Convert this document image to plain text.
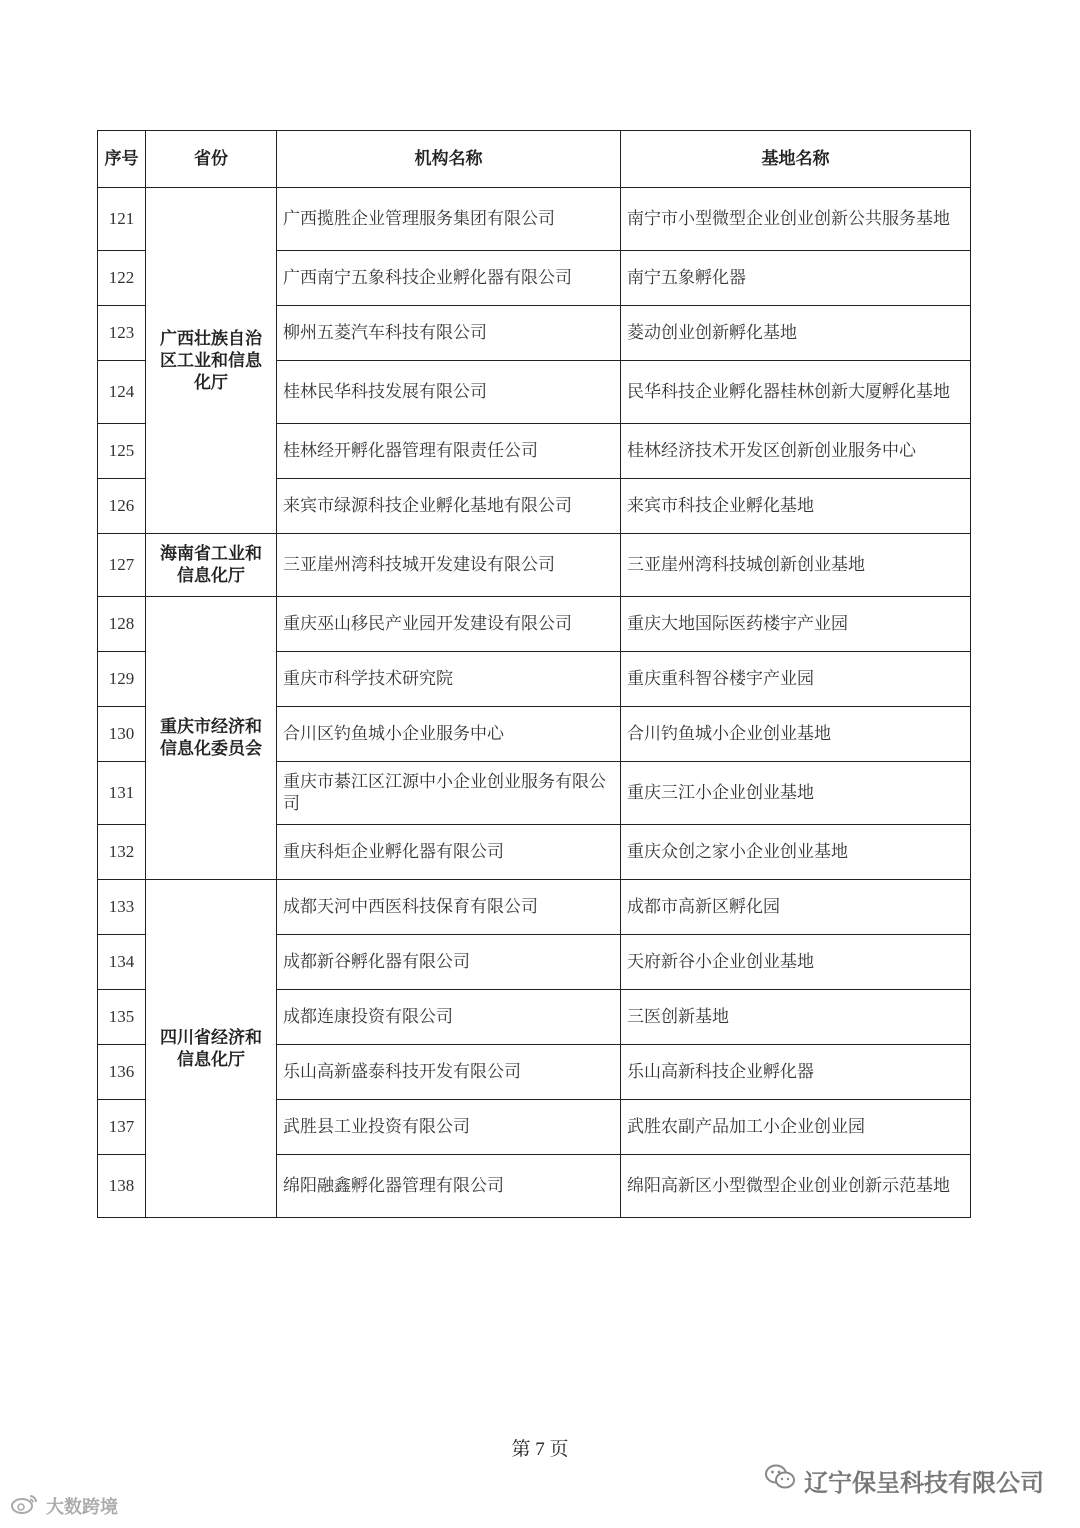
序号	省份	机构名称	基地名称
121	广西壮族自治区工业和信息化厅	广西揽胜企业管理服务集团有限公司	南宁市小型微型企业创业创新公共服务基地
122		广西南宁五象科技企业孵化器有限公司	南宁五象孵化器
123		柳州五菱汽车科技有限公司	菱动创业创新孵化基地
124		桂林民华科技发展有限公司	民华科技企业孵化器桂林创新大厦孵化基地
125		桂林经开孵化器管理有限责任公司	桂林经济技术开发区创新创业服务中心
126		来宾市绿源科技企业孵化基地有限公司	来宾市科技企业孵化基地
127	海南省工业和信息化厅	三亚崖州湾科技城开发建设有限公司	三亚崖州湾科技城创新创业基地
128	重庆市经济和信息化委员会	重庆巫山移民产业园开发建设有限公司	重庆大地国际医药楼宇产业园
129		重庆市科学技术研究院	重庆重科智谷楼宇产业园
130		合川区钓鱼城小企业服务中心	合川钓鱼城小企业创业基地
131		重庆市綦江区江源中小企业创业服务有限公司	重庆三江小企业创业基地
132		重庆科炬企业孵化器有限公司	重庆众创之家小企业创业基地
133	四川省经济和信息化厅	成都天河中西医科技保育有限公司	成都市高新区孵化园
134		成都新谷孵化器有限公司	天府新谷小企业创业基地
135		成都连康投资有限公司	三医创新基地
136		乐山高新盛泰科技开发有限公司	乐山高新科技企业孵化器
137		武胜县工业投资有限公司	武胜农副产品加工小企业创业园
138		绵阳融鑫孵化器管理有限公司	绵阳高新区小型微型企业创业创新示范基地
第 7 页
辽宁保呈科技有限公司
大数跨境
